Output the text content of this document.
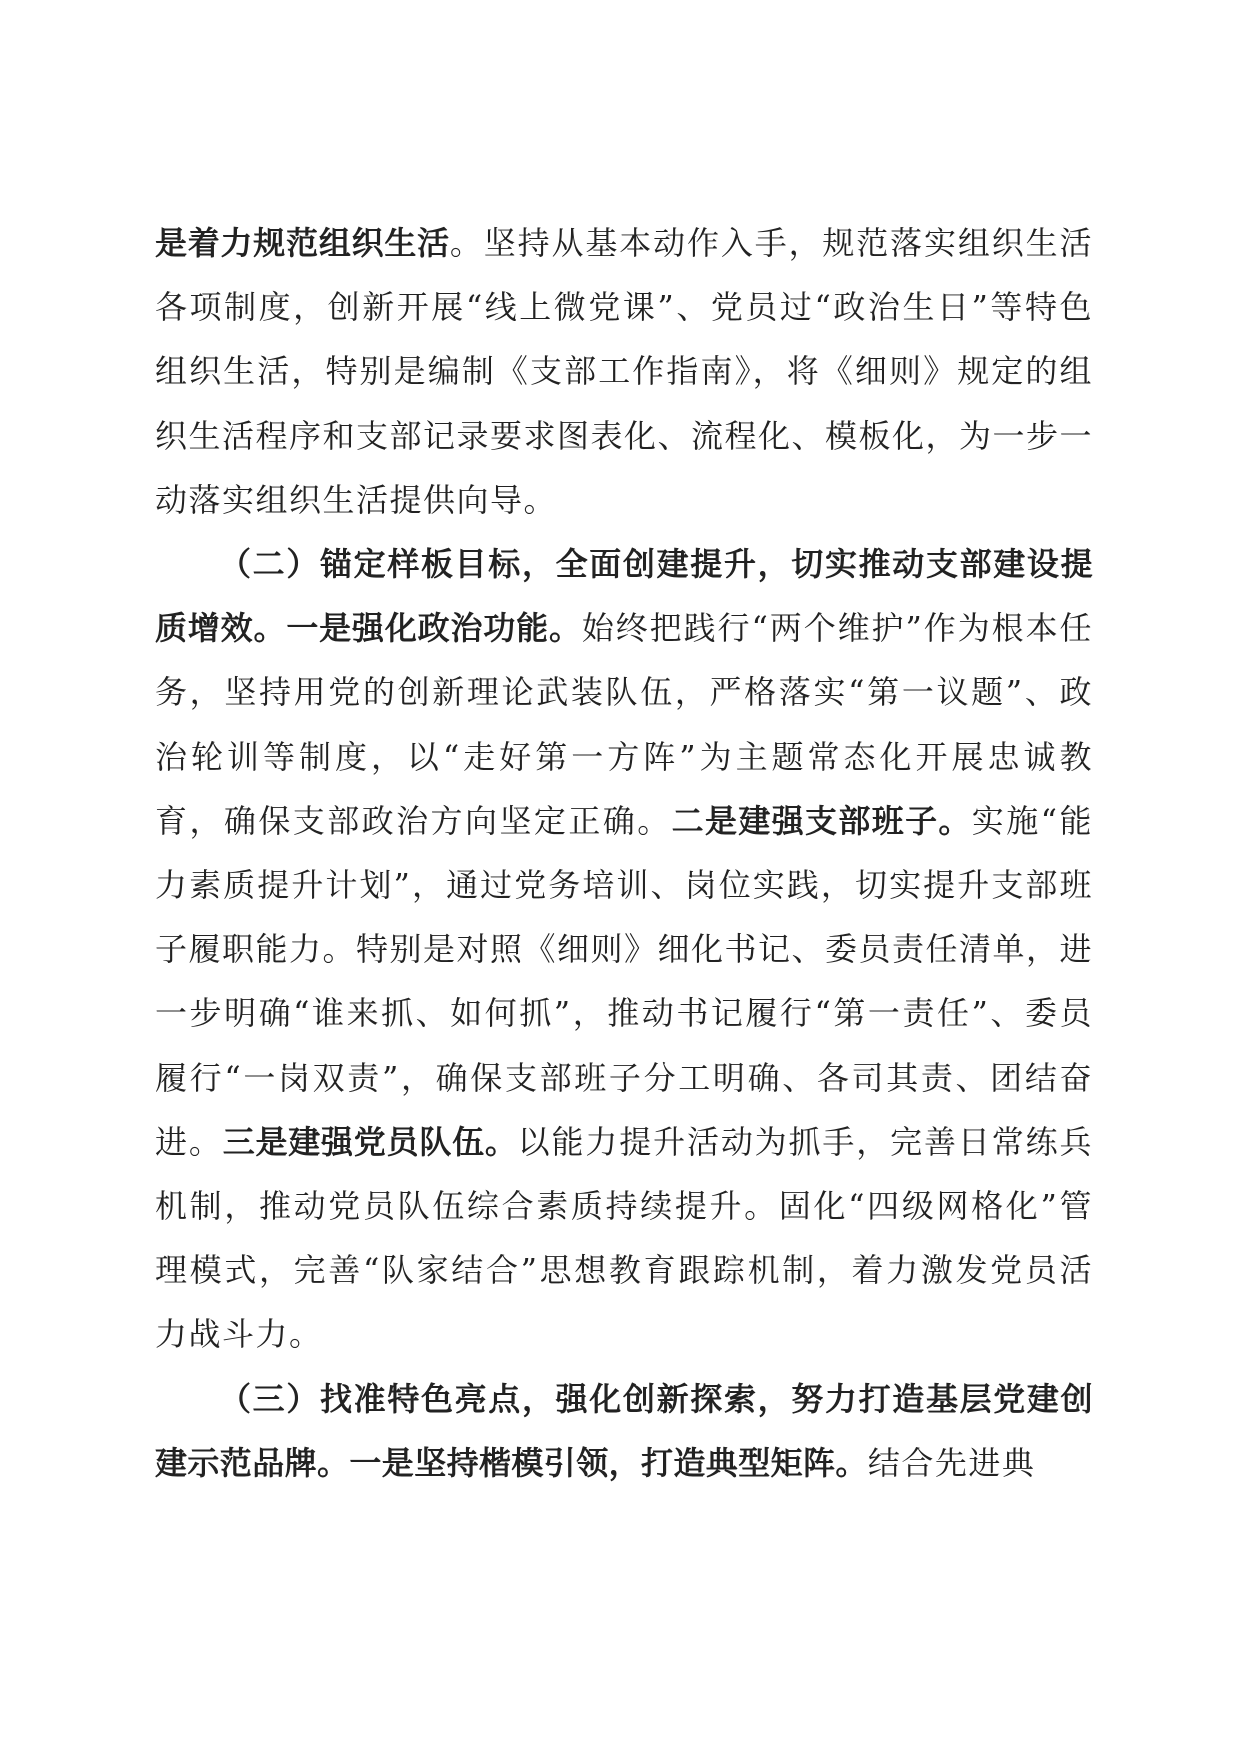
是着力规范组织生活。坚持从基本动作入手，规范落实组织生活各项制度，创新开展“线上微党课”、党员过“政治生日”等特色组织生活，特别是编制《支部工作指南》，将《细则》规定的组织生活程序和支部记录要求图表化、流程化、模板化，为一步一动落实组织生活提供向导。

（二）锚定样板目标，全面创建提升，切实推动支部建设提质增效。一是强化政治功能。始终把践行“两个维护”作为根本任务，坚持用党的创新理论武装队伍，严格落实“第一议题”、政治轮训等制度，以“走好第一方阵”为主题常态化开展忠诚教育，确保支部政治方向坚定正确。二是建强支部班子。实施“能力素质提升计划”，通过党务培训、岗位实践，切实提升支部班子履职能力。特别是对照《细则》细化书记、委员责任清单，进一步明确“谁来抓、如何抓”，推动书记履行“第一责任”、委员履行“一岗双责”，确保支部班子分工明确、各司其责、团结奋进。三是建强党员队伍。以能力提升活动为抓手，完善日常练兵机制，推动党员队伍综合素质持续提升。固化“四级网格化”管理模式，完善“队家结合”思想教育跟踪机制，着力激发党员活力战斗力。

（三）找准特色亮点，强化创新探索，努力打造基层党建创建示范品牌。一是坚持楷模引领，打造典型矩阵。结合先进典
